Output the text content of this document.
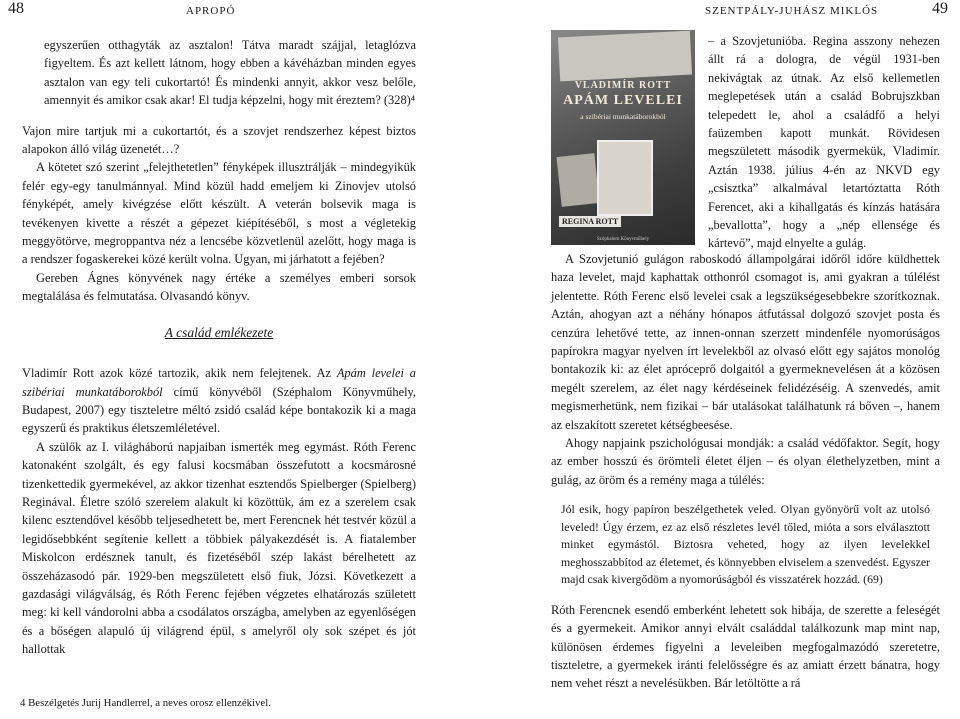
48	APROPÓ	SZENTPÁLY-JUHÁSZ MIKLÓS	49

egyszerűen otthagyták az asztalon! Tátva maradt szájjal, letaglózva figyeltem. És azt kellett látnom, hogy ebben a kávéházban minden egyes asztalon van egy teli cukortartó! És mindenki annyit, akkor vesz belőle, amennyit és amikor csak akar! El tudja képzelni, hogy mit éreztem? (328)⁴

Vajon mire tartjuk mi a cukortartót, és a szovjet rendszerhez képest biztos alapokon álló világ üzenetét…?

A kötetet szó szerint „felejthetetlen” fényképek illusztrálják – mindegyikük felér egy-egy tanulmánnyal. Mind közül hadd emeljem ki Zinovjev utolsó fényképét, amely kivégzése előtt készült. A veterán bolsevik maga is tevékenyen kivette a részét a gépezet kiépítéséből, s most a végletekig meggyötörve, megroppantva néz a lencsébe közvetlenül azelőtt, hogy maga is a rendszer fogaskerekei közé került volna. Ugyan, mi járhatott a fejében?

Gereben Ágnes könyvének nagy értéke a személyes emberi sorsok megtalálása és felmutatása. Olvasandó könyv.

A család emlékezete

Vladimír Rott azok közé tartozik, akik nem felejtenek. Az Apám levelei a szibériai munkatáborokból című könyvéből (Széphalom Könyvműhely, Budapest, 2007) egy tiszteletre méltó zsidó család képe bontakozik ki a maga egyszerű és praktikus életszemléletével.

A szülők az I. világháború napjaiban ismerték meg egymást. Róth Ferenc katonaként szolgált, és egy falusi kocsmában összefutott a kocsmárosné tizenkettedik gyermekével, az akkor tizenhat esztendős Spielberger (Spielberg) Reginával. Életre szóló szerelem alakult ki közöttük, ám ez a szerelem csak kilenc esztendővel később teljesedhetett be, mert Ferencnek hét testvér közül a legidősebbként segítenie kellett a többiek pályakezdését is. A fiatalember Miskolcon erdésznek tanult, és fizetéséből szép lakást bérelhetett az összeházasodó pár. 1929-ben megszületett első fiuk, Józsi. Következett a gazdasági világválság, és Róth Ferenc fejében végzetes elhatározás született meg: ki kell vándorolni abba a csodálatos országba, amelyben az egyenlőségen és a bőségen alapuló új világrend épül, s amelyről oly sok szépet és jót hallottak

4 Beszélgetés Jurij Handlerrel, a neves orosz ellenzékivel.
VLADIMÍR ROTT
APÁM LEVELEI
a szibériai munkatáborokból
REGINA ROTT
Szóphalom Könyvműhely

– a Szovjetunióba. Regina asszony nehezen állt rá a dologra, de végül 1931-ben nekivágtak az útnak. Az első kellemetlen meglepetések után a család Bobrujszkban telepedett le, ahol a családfő a helyi faüzemben kapott munkát. Rövidesen megszületett második gyermekük, Vladimír. Aztán 1938. július 4-én az NKVD egy „csisztka” alkalmával letartóztatta Róth Ferencet, aki a kihallgatás és kínzás hatására „bevallotta”, hogy a „nép ellensége és kártevő”, majd elnyelte a gulág.

A Szovjetunió gulágon raboskodó állampolgárai időről időre küldhettek haza levelet, majd kaphattak otthonról csomagot is, ami gyakran a túlélést jelentette. Róth Ferenc első levelei csak a legszükségesebbekre szorítkoznak. Aztán, ahogyan azt a néhány hónapos átfutással dolgozó szovjet posta és cenzúra lehetővé tette, az innen-onnan szerzett mindenféle nyomorúságos papírokra magyar nyelven írt levelekből az olvasó előtt egy sajátos monológ bontakozik ki: az élet apróceprő dolgaitól a gyermeknevelésen át a közösen megélt szerelem, az élet nagy kérdéseinek felidézéséig. A szenvedés, amit megismerhetünk, nem fizikai – bár utalásokat találhatunk rá bőven –, hanem az elszakított szeretet kétségbeesése.

Ahogy napjaink pszichológusai mondják: a család védőfaktor. Segít, hogy az ember hosszú és örömteli életet éljen – és olyan élethelyzetben, mint a gulág, az öröm és a remény maga a túlélés:

Jól esik, hogy papíron beszélgethetek veled. Olyan gyönyörű volt az utolsó leveled! Úgy érzem, ez az első részletes levél tőled, mióta a sors elválasztott minket egymástól. Biztosra veheted, hogy az ilyen levelekkel meghosszabbítod az életemet, és könnyebben elviselem a szenvedést. Egyszer majd csak kivergődöm a nyomorúságból és visszatérek hozzád. (69)

Róth Ferencnek esendő emberként lehetett sok hibája, de szerette a feleségét és a gyermekeit. Amikor annyi elvált családdal találkozunk map mint nap, különösen érdemes figyelni a leveleiben megfogalmazódó szeretetre, tiszteletre, a gyermekek iránti felelősségre és az amiatt érzett bánatra, hogy nem vehet részt a nevelésükben. Bár letöltötte a rá
